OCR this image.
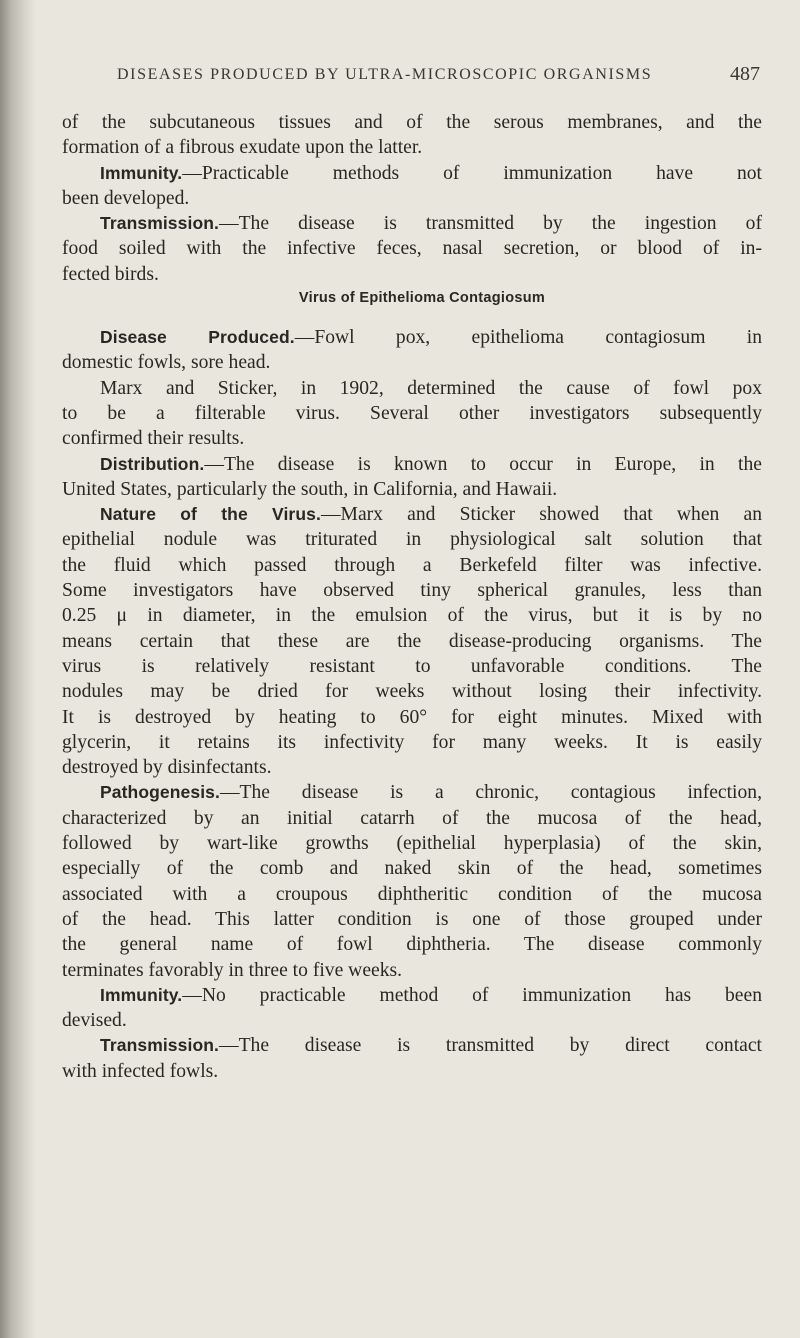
DISEASES PRODUCED BY ULTRA-MICROSCOPIC ORGANISMS	487
of the subcutaneous tissues and of the serous membranes, and the
formation of a fibrous exudate upon the latter.
Immunity.—Practicable methods of immunization have not
been developed.
Transmission.—The disease is transmitted by the ingestion of
food soiled with the infective feces, nasal secretion, or blood of in-
fected birds.
Virus of Epithelioma Contagiosum
Disease Produced.—Fowl pox, epithelioma contagiosum in
domestic fowls, sore head.
Marx and Sticker, in 1902, determined the cause of fowl pox
to be a filterable virus. Several other investigators subsequently
confirmed their results.
Distribution.—The disease is known to occur in Europe, in the
United States, particularly the south, in California, and Hawaii.
Nature of the Virus.—Marx and Sticker showed that when an
epithelial nodule was triturated in physiological salt solution that
the fluid which passed through a Berkefeld filter was infective.
Some investigators have observed tiny spherical granules, less than
0.25 μ in diameter, in the emulsion of the virus, but it is by no
means certain that these are the disease-producing organisms. The
virus is relatively resistant to unfavorable conditions. The
nodules may be dried for weeks without losing their infectivity.
It is destroyed by heating to 60° for eight minutes. Mixed with
glycerin, it retains its infectivity for many weeks. It is easily
destroyed by disinfectants.
Pathogenesis.—The disease is a chronic, contagious infection,
characterized by an initial catarrh of the mucosa of the head,
followed by wart-like growths (epithelial hyperplasia) of the skin,
especially of the comb and naked skin of the head, sometimes
associated with a croupous diphtheritic condition of the mucosa
of the head. This latter condition is one of those grouped under
the general name of fowl diphtheria. The disease commonly
terminates favorably in three to five weeks.
Immunity.—No practicable method of immunization has been
devised.
Transmission.—The disease is transmitted by direct contact
with infected fowls.
